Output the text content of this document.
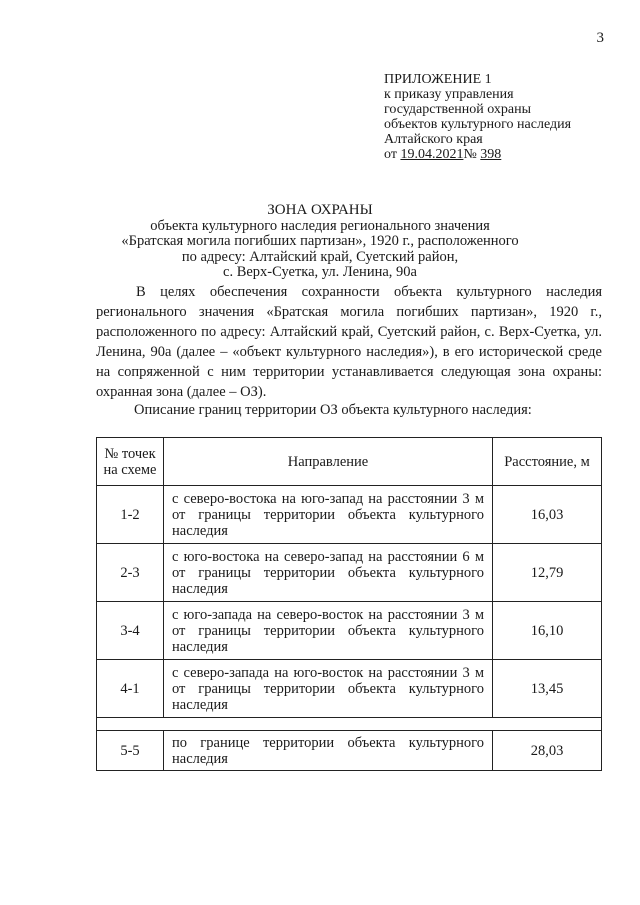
3
ПРИЛОЖЕНИЕ 1
к приказу управления
государственной охраны
объектов культурного наследия
Алтайского края
от 19.04.2021№ 398
ЗОНА ОХРАНЫ
объекта культурного наследия регионального значения
«Братская могила погибших партизан», 1920 г., расположенного
по адресу: Алтайский край, Суетский район,
с. Верх-Суетка, ул. Ленина, 90а
В целях обеспечения сохранности объекта культурного наследия регионального значения «Братская могила погибших партизан», 1920 г., расположенного по адресу: Алтайский край, Суетский район, с. Верх-Суетка, ул. Ленина, 90а (далее – «объект культурного наследия»), в его исторической среде на сопряженной с ним территории устанавливается следующая зона охраны: охранная зона (далее – ОЗ).
Описание границ территории ОЗ объекта культурного наследия:
№ точек на схеме	Направление	Расстояние, м
1-2	с северо-востока на юго-запад на расстоянии 3 м от границы территории объекта культурного наследия	16,03
2-3	с юго-востока на северо-запад на расстоянии 6 м от границы территории объекта культурного наследия	12,79
3-4	с юго-запада на северо-восток на расстоянии 3 м от границы территории объекта культурного наследия	16,10
4-1	с северо-запада на юго-восток на расстоянии 3 м от границы территории объекта культурного наследия	13,45

5-5	по границе территории объекта культурного наследия	28,03
